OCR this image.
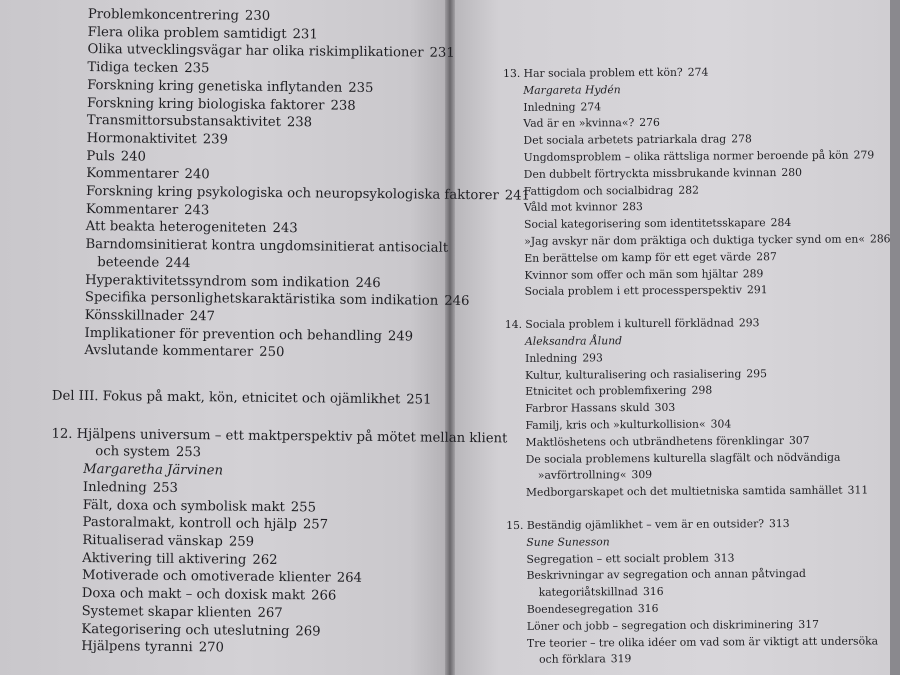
Problemkoncentrering 230
Flera olika problem samtidigt 231
Olika utvecklingsvägar har olika riskimplikationer 231
Tidiga tecken 235
Forskning kring genetiska inflytanden 235
Forskning kring biologiska faktorer 238
Transmittorsubstansaktivitet 238
Hormonaktivitet 239
Puls 240
Kommentarer 240
Forskning kring psykologiska och neuropsykologiska faktorer 241
Kommentarer 243
Att beakta heterogeniteten 243
Barndomsinitierat kontra ungdomsinitierat antisocialt
beteende 244
Hyperaktivitetssyndrom som indikation 246
Specifika personlighetskaraktäristika som indikation 246
Könsskillnader 247
Implikationer för prevention och behandling 249
Avslutande kommentarer 250
Del III. Fokus på makt, kön, etnicitet och ojämlikhet 251
12. Hjälpens universum – ett maktperspektiv på mötet mellan klient
och system 253
Margaretha Järvinen
Inledning 253
Fält, doxa och symbolisk makt 255
Pastoralmakt, kontroll och hjälp 257
Ritualiserad vänskap 259
Aktivering till aktivering 262
Motiverade och omotiverade klienter 264
Doxa och makt – och doxisk makt 266
Systemet skapar klienten 267
Kategorisering och uteslutning 269
Hjälpens tyranni 270
13. Har sociala problem ett kön? 274
Margareta Hydén
Inledning 274
Vad är en »kvinna«? 276
Det sociala arbetets patriarkala drag 278
Ungdomsproblem – olika rättsliga normer beroende på kön 279
Den dubbelt förtryckta missbrukande kvinnan 280
Fattigdom och socialbidrag 282
Våld mot kvinnor 283
Social kategorisering som identitetsskapare 284
»Jag avskyr när dom präktiga och duktiga tycker synd om en« 286
En berättelse om kamp för ett eget värde 287
Kvinnor som offer och män som hjältar 289
Sociala problem i ett processperspektiv 291
14. Sociala problem i kulturell förklädnad 293
Aleksandra Ålund
Inledning 293
Kultur, kulturalisering och rasialisering 295
Etnicitet och problemfixering 298
Farbror Hassans skuld 303
Familj, kris och »kulturkollision« 304
Maktlöshetens och utbrändhetens förenklingar 307
De sociala problemens kulturella slagfält och nödvändiga
»avförtrollning« 309
Medborgarskapet och det multietniska samtida samhället 311
15. Beständig ojämlikhet – vem är en outsider? 313
Sune Sunesson
Segregation – ett socialt problem 313
Beskrivningar av segregation och annan påtvingad
kategoriåtskillnad 316
Boendesegregation 316
Löner och jobb – segregation och diskriminering 317
Tre teorier – tre olika idéer om vad som är viktigt att undersöka
och förklara 319
